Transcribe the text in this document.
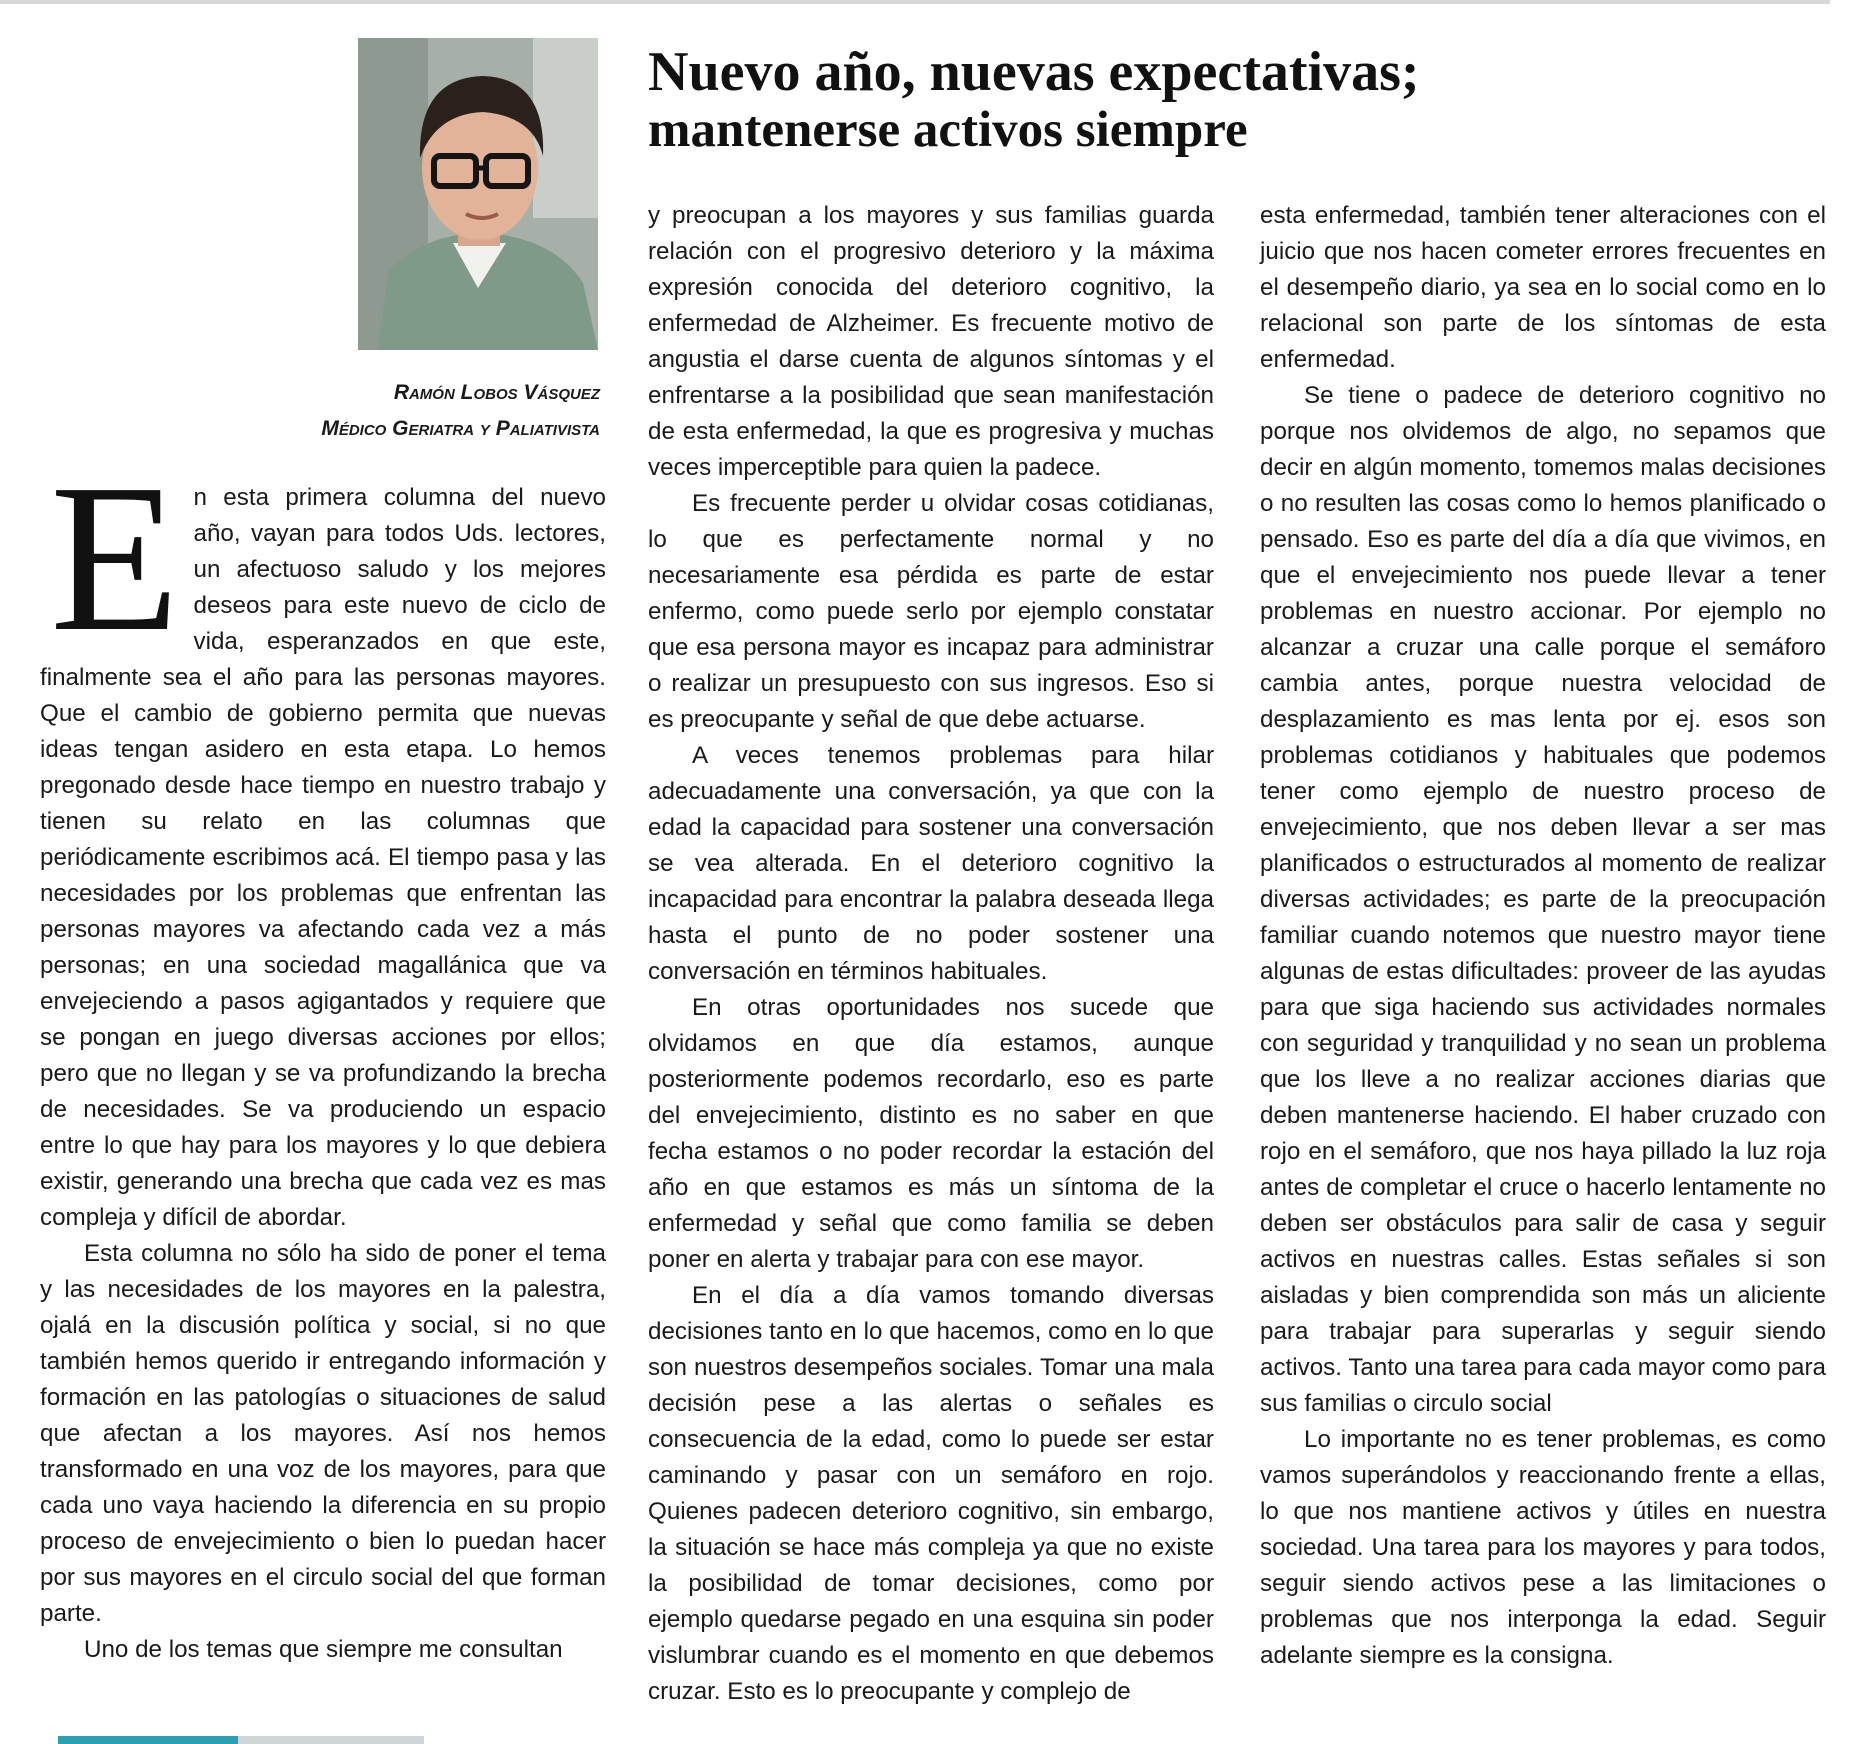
Nuevo año, nuevas expectativas;
mantenerse activos siempre
Ramón Lobos Vásquez
Médico Geriatra y Paliativista

En esta primera columna del nuevo año, vayan para todos Uds. lectores, un afectuoso saludo y los mejores deseos para este nuevo de ciclo de vida, esperanzados en que este, finalmente sea el año para las personas mayores. Que el cambio de gobierno permita que nuevas ideas tengan asidero en esta etapa. Lo hemos pregonado desde hace tiempo en nuestro trabajo y tienen su relato en las columnas que periódicamente escribimos acá. El tiempo pasa y las necesidades por los problemas que enfrentan las personas mayores va afectando cada vez a más personas; en una sociedad magallánica que va envejeciendo a pasos agigantados y requiere que se pongan en juego diversas acciones por ellos; pero que no llegan y se va profundizando la brecha de necesidades. Se va produciendo un espacio entre lo que hay para los mayores y lo que debiera existir, generando una brecha que cada vez es mas compleja y difícil de abordar.

Esta columna no sólo ha sido de poner el tema y las necesidades de los mayores en la palestra, ojalá en la discusión política y social, si no que también hemos querido ir entregando información y formación en las patologías o situaciones de salud que afectan a los mayores. Así nos hemos transformado en una voz de los mayores, para que cada uno vaya haciendo la diferencia en su propio proceso de envejecimiento o bien lo puedan hacer por sus mayores en el circulo social del que forman parte.

Uno de los temas que siempre me consultan

y preocupan a los mayores y sus familias guarda relación con el progresivo deterioro y la máxima expresión conocida del deterioro cognitivo, la enfermedad de Alzheimer. Es frecuente motivo de angustia el darse cuenta de algunos síntomas y el enfrentarse a la posibilidad que sean manifestación de esta enfermedad, la que es progresiva y muchas veces imperceptible para quien la padece.

Es frecuente perder u olvidar cosas cotidianas, lo que es perfectamente normal y no necesariamente esa pérdida es parte de estar enfermo, como puede serlo por ejemplo constatar que esa persona mayor es incapaz para administrar o realizar un presupuesto con sus ingresos. Eso si es preocupante y señal de que debe actuarse.

A veces tenemos problemas para hilar adecuadamente una conversación, ya que con la edad la capacidad para sostener una conversación se vea alterada. En el deterioro cognitivo la incapacidad para encontrar la palabra deseada llega hasta el punto de no poder sostener una conversación en términos habituales.

En otras oportunidades nos sucede que olvidamos en que día estamos, aunque posteriormente podemos recordarlo, eso es parte del envejecimiento, distinto es no saber en que fecha estamos o no poder recordar la estación del año en que estamos es más un síntoma de la enfermedad y señal que como familia se deben poner en alerta y trabajar para con ese mayor.

En el día a día vamos tomando diversas decisiones tanto en lo que hacemos, como en lo que son nuestros desempeños sociales. Tomar una mala decisión pese a las alertas o señales es consecuencia de la edad, como lo puede ser estar caminando y pasar con un semáforo en rojo. Quienes padecen deterioro cognitivo, sin embargo, la situación se hace más compleja ya que no existe la posibilidad de tomar decisiones, como por ejemplo quedarse pegado en una esquina sin poder vislumbrar cuando es el momento en que debemos cruzar. Esto es lo preocupante y complejo de

esta enfermedad, también tener alteraciones con el juicio que nos hacen cometer errores frecuentes en el desempeño diario, ya sea en lo social como en lo relacional son parte de los síntomas de esta enfermedad.

Se tiene o padece de deterioro cognitivo no porque nos olvidemos de algo, no sepamos que decir en algún momento, tomemos malas decisiones o no resulten las cosas como lo hemos planificado o pensado. Eso es parte del día a día que vivimos, en que el envejecimiento nos puede llevar a tener problemas en nuestro accionar. Por ejemplo no alcanzar a cruzar una calle porque el semáforo cambia antes, porque nuestra velocidad de desplazamiento es mas lenta por ej. esos son problemas cotidianos y habituales que podemos tener como ejemplo de nuestro proceso de envejecimiento, que nos deben llevar a ser mas planificados o estructurados al momento de realizar diversas actividades; es parte de la preocupación familiar cuando notemos que nuestro mayor tiene algunas de estas dificultades: proveer de las ayudas para que siga haciendo sus actividades normales con seguridad y tranquilidad y no sean un problema que los lleve a no realizar acciones diarias que deben mantenerse haciendo. El haber cruzado con rojo en el semáforo, que nos haya pillado la luz roja antes de completar el cruce o hacerlo lentamente no deben ser obstáculos para salir de casa y seguir activos en nuestras calles. Estas señales si son aisladas y bien comprendida son más un aliciente para trabajar para superarlas y seguir siendo activos. Tanto una tarea para cada mayor como para sus familias o circulo social

Lo importante no es tener problemas, es como vamos superándolos y reaccionando frente a ellas, lo que nos mantiene activos y útiles en nuestra sociedad. Una tarea para los mayores y para todos, seguir siendo activos pese a las limitaciones o problemas que nos interponga la edad. Seguir adelante siempre es la consigna.
